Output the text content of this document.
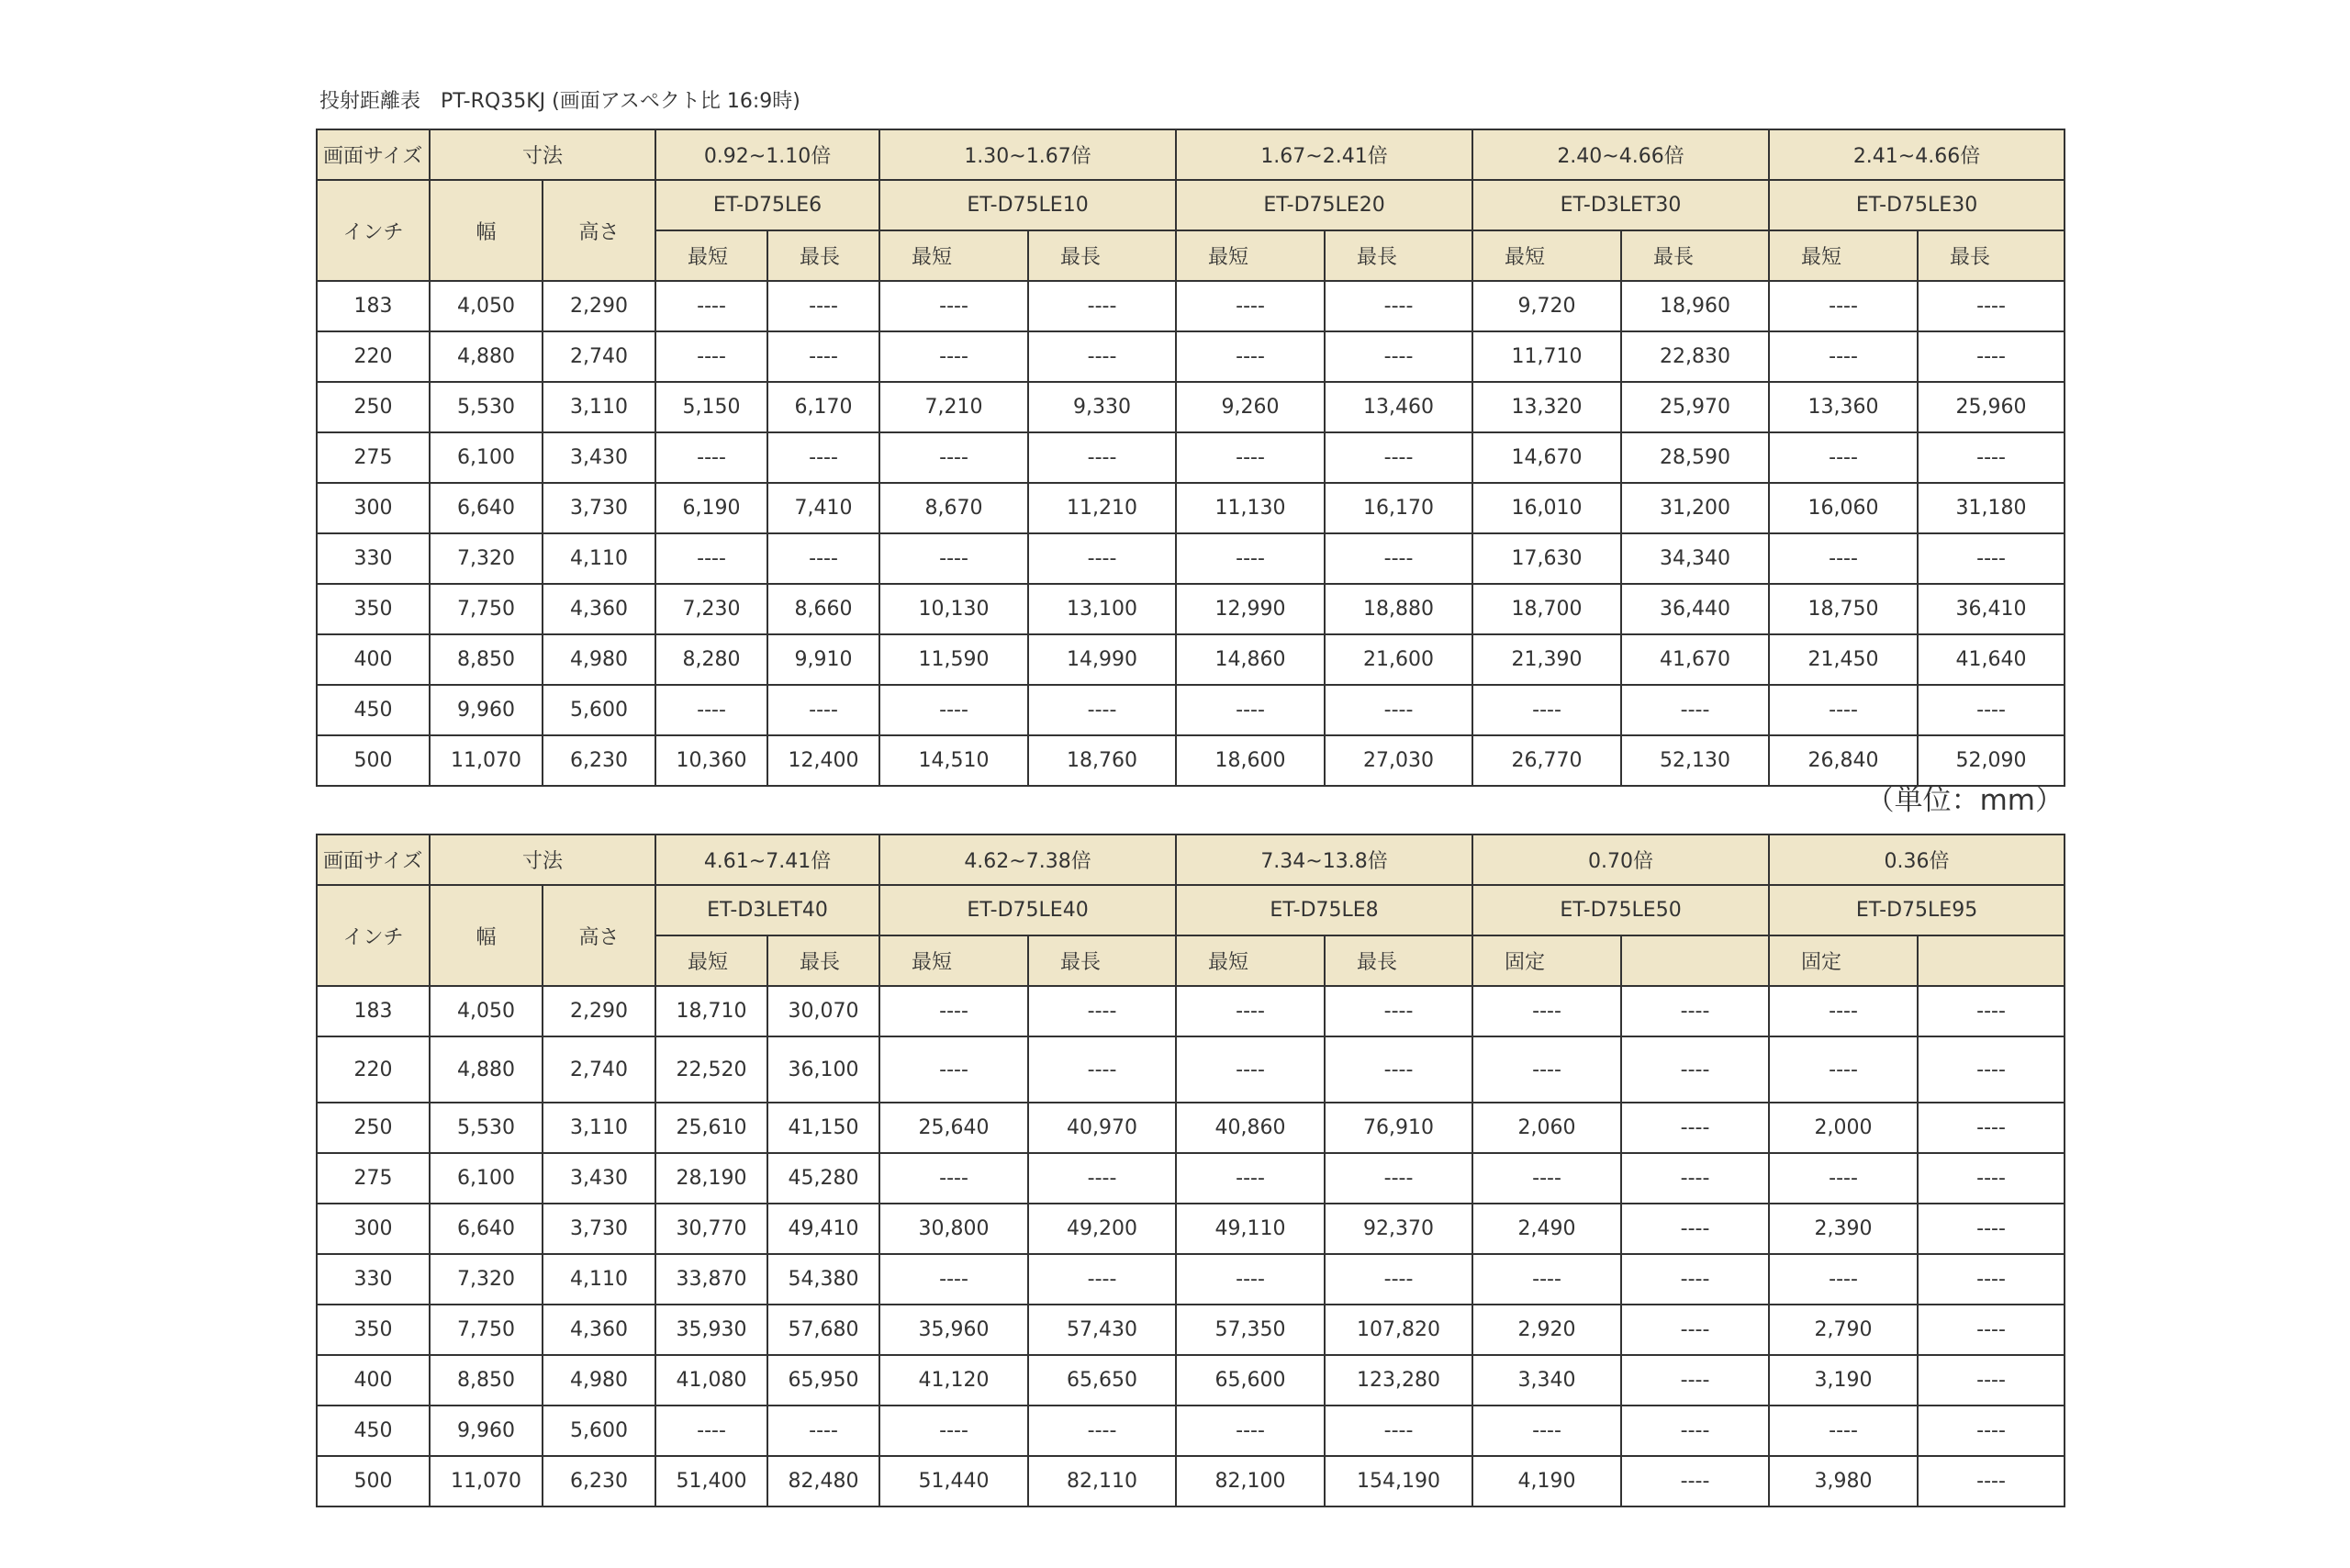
投射距離表　PT-RQ35KJ (画面アスペクト比 16:9時)
画面サイズ	寸法		0.92~1.10倍		1.30~1.67倍		1.67~2.41倍		2.40~4.66倍		2.41~4.66倍	
インチ	幅	高さ	ET-D75LE6		ET-D75LE10		ET-D75LE20		ET-D3LET30		ET-D75LE30	
			最短	最長	最短	最長	最短	最長	最短	最長	最短	最長
183	4,050	2,290	----	----	----	----	----	----	9,720	18,960	----	----
220	4,880	2,740	----	----	----	----	----	----	11,710	22,830	----	----
250	5,530	3,110	5,150	6,170	7,210	9,330	9,260	13,460	13,320	25,970	13,360	25,960
275	6,100	3,430	----	----	----	----	----	----	14,670	28,590	----	----
300	6,640	3,730	6,190	7,410	8,670	11,210	11,130	16,170	16,010	31,200	16,060	31,180
330	7,320	4,110	----	----	----	----	----	----	17,630	34,340	----	----
350	7,750	4,360	7,230	8,660	10,130	13,100	12,990	18,880	18,700	36,440	18,750	36,410
400	8,850	4,980	8,280	9,910	11,590	14,990	14,860	21,600	21,390	41,670	21,450	41,640
450	9,960	5,600	----	----	----	----	----	----	----	----	----	----
500	11,070	6,230	10,360	12,400	14,510	18,760	18,600	27,030	26,770	52,130	26,840	52,090
（単位：mm）
画面サイズ	寸法		4.61~7.41倍		4.62~7.38倍		7.34~13.8倍		0.70倍		0.36倍	
インチ	幅	高さ	ET-D3LET40		ET-D75LE40		ET-D75LE8		ET-D75LE50		ET-D75LE95	
			最短	最長	最短	最長	最短	最長	固定		固定	
183	4,050	2,290	18,710	30,070	----	----	----	----	----	----	----	----
220	4,880	2,740	22,520	36,100	----	----	----	----	----	----	----	----
250	5,530	3,110	25,610	41,150	25,640	40,970	40,860	76,910	2,060	----	2,000	----
275	6,100	3,430	28,190	45,280	----	----	----	----	----	----	----	----
300	6,640	3,730	30,770	49,410	30,800	49,200	49,110	92,370	2,490	----	2,390	----
330	7,320	4,110	33,870	54,380	----	----	----	----	----	----	----	----
350	7,750	4,360	35,930	57,680	35,960	57,430	57,350	107,820	2,920	----	2,790	----
400	8,850	4,980	41,080	65,950	41,120	65,650	65,600	123,280	3,340	----	3,190	----
450	9,960	5,600	----	----	----	----	----	----	----	----	----	----
500	11,070	6,230	51,400	82,480	51,440	82,110	82,100	154,190	4,190	----	3,980	----
